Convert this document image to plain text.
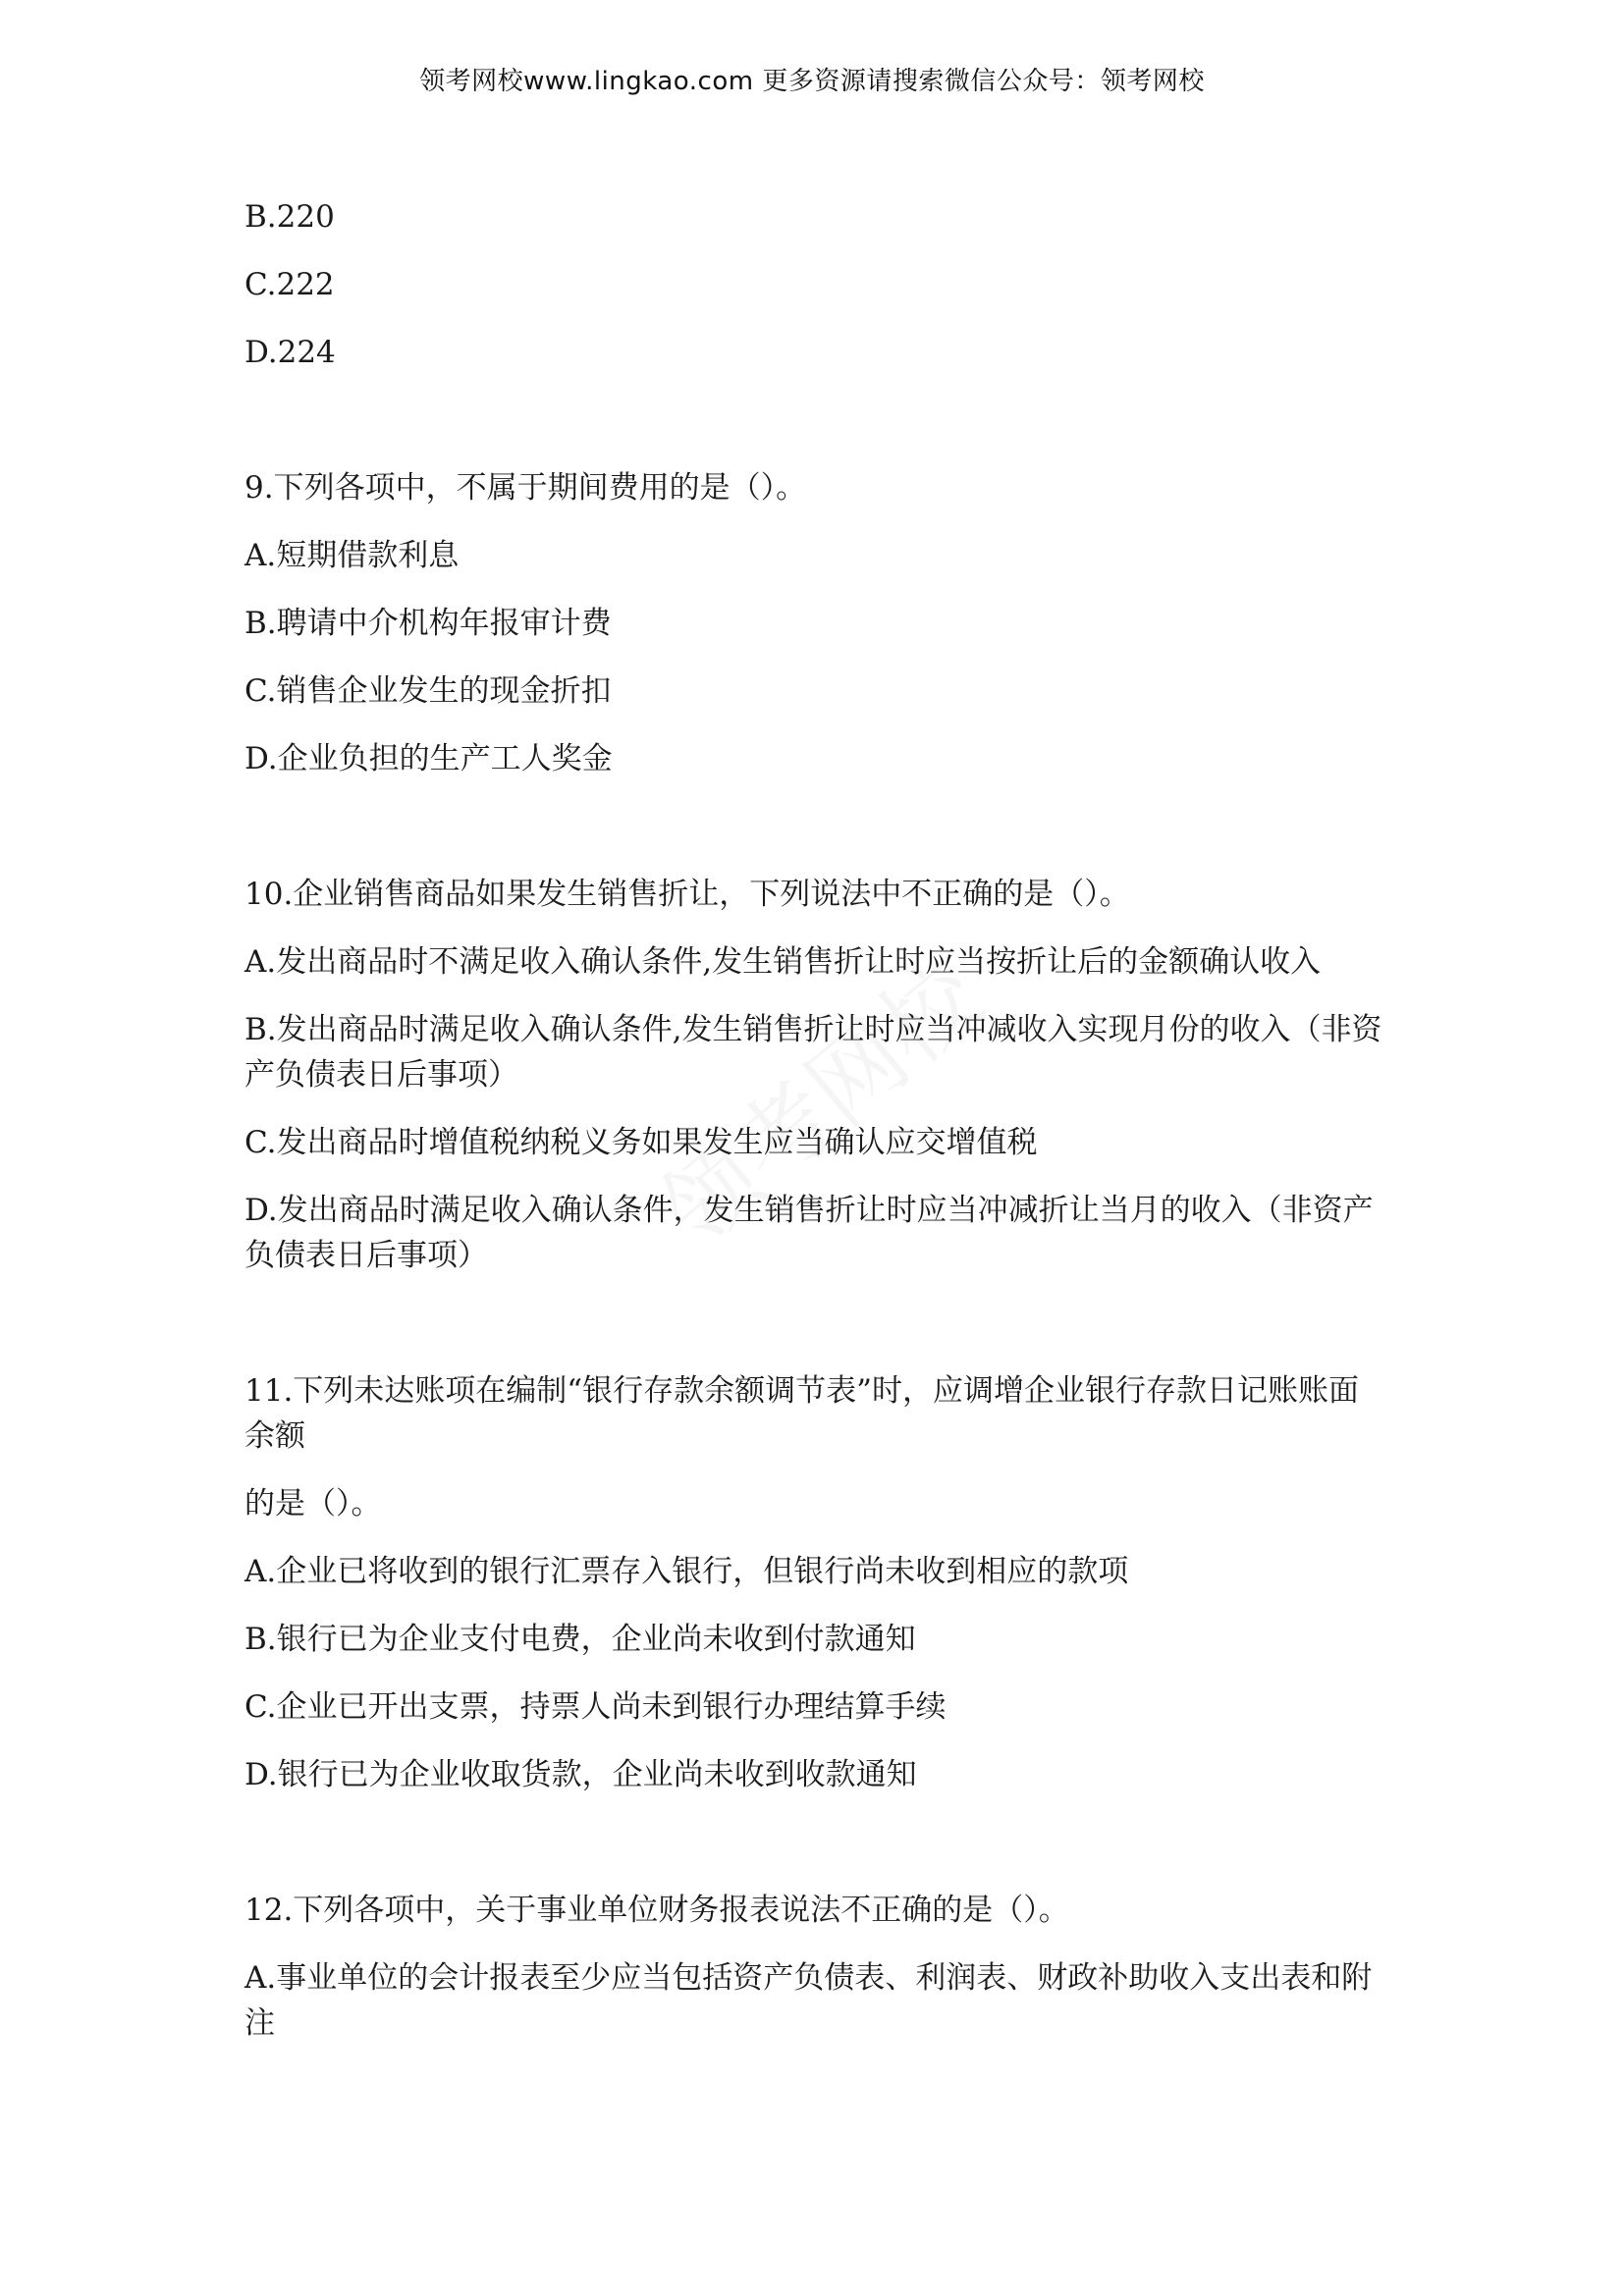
领考网校www.lingkao.com 更多资源请搜索微信公众号：领考网校
B.220
C.222
D.224
9.下列各项中，不属于期间费用的是（）。
A.短期借款利息
B.聘请中介机构年报审计费
C.销售企业发生的现金折扣
D.企业负担的生产工人奖金
10.企业销售商品如果发生销售折让，下列说法中不正确的是（）。
A.发出商品时不满足收入确认条件,发生销售折让时应当按折让后的金额确认收入
B.发出商品时满足收入确认条件,发生销售折让时应当冲减收入实现月份的收入（非资产负债表日后事项）
C.发出商品时增值税纳税义务如果发生应当确认应交增值税
D.发出商品时满足收入确认条件，发生销售折让时应当冲减折让当月的收入（非资产负债表日后事项）
11.下列未达账项在编制“银行存款余额调节表”时，应调增企业银行存款日记账账面余额
的是（）。
A.企业已将收到的银行汇票存入银行，但银行尚未收到相应的款项
B.银行已为企业支付电费，企业尚未收到付款通知
C.企业已开出支票，持票人尚未到银行办理结算手续
D.银行已为企业收取货款，企业尚未收到收款通知
12.下列各项中，关于事业单位财务报表说法不正确的是（）。
A.事业单位的会计报表至少应当包括资产负债表、利润表、财政补助收入支出表和附注
